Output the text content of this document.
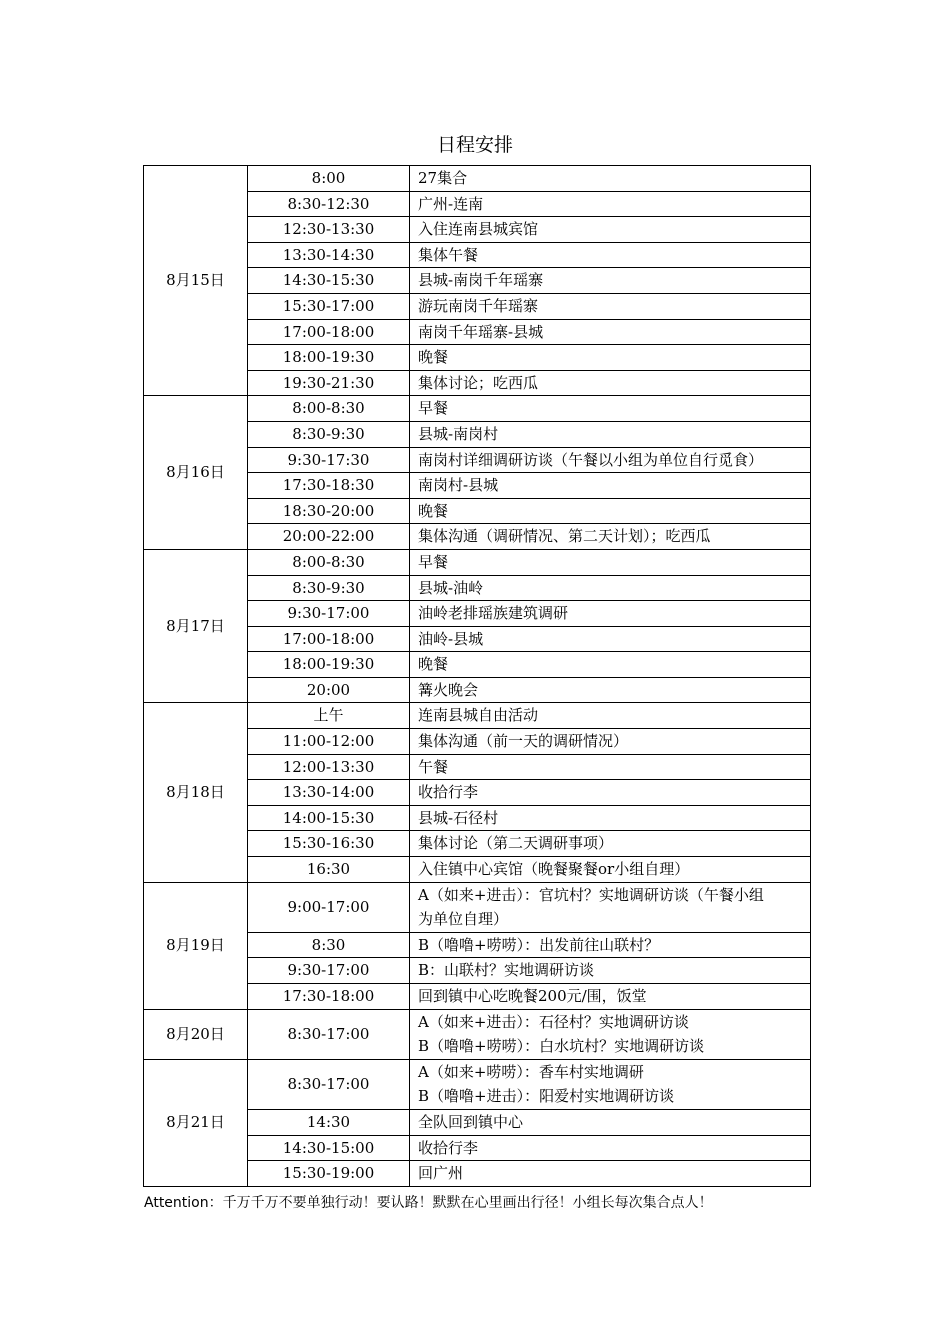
日程安排
8月15日	8:00	27集合

	8:30-12:30	广州-连南

	12:30-13:30	入住连南县城宾馆

	13:30-14:30	集体午餐

	14:30-15:30	县城-南岗千年瑶寨

	15:30-17:00	游玩南岗千年瑶寨

	17:00-18:00	南岗千年瑶寨-县城

	18:00-19:30	晚餐

	19:30-21:30	集体讨论；吃西瓜

8月16日	8:00-8:30	早餐

	8:30-9:30	县城-南岗村

	9:30-17:30	南岗村详细调研访谈（午餐以小组为单位自行觅食）

	17:30-18:30	南岗村-县城

	18:30-20:00	晚餐

	20:00-22:00	集体沟通（调研情况、第二天计划）；吃西瓜

8月17日	8:00-8:30	早餐

	8:30-9:30	县城-油岭

	9:30-17:00	油岭老排瑶族建筑调研

	17:00-18:00	油岭-县城

	18:00-19:30	晚餐

	20:00	篝火晚会

8月18日	上午	连南县城自由活动

	11:00-12:00	集体沟通（前一天的调研情况）

	12:00-13:30	午餐

	13:30-14:00	收拾行李

	14:00-15:30	县城-石径村

	15:30-16:30	集体讨论（第二天调研事项）

	16:30	入住镇中心宾馆（晚餐聚餐or小组自理）

8月19日	9:00-17:00	A（如来+进击）：官坑村？实地调研访谈（午餐小组
为单位自理）

	8:30	B（噜噜+唠唠）：出发前往山联村？

	9:30-17:00	B：山联村？实地调研访谈

	17:30-18:00	回到镇中心吃晚餐200元/围，饭堂

8月20日	8:30-17:00	A（如来+进击）：石径村？实地调研访谈
B（噜噜+唠唠）：白水坑村？实地调研访谈

8月21日	8:30-17:00	A（如来+唠唠）：香车村实地调研
B（噜噜+进击）：阳爱村实地调研访谈

	14:30	全队回到镇中心

	14:30-15:00	收拾行李

	15:30-19:00	回广州
Attention：千万千万不要单独行动！要认路！默默在心里画出行径！小组长每次集合点人！
